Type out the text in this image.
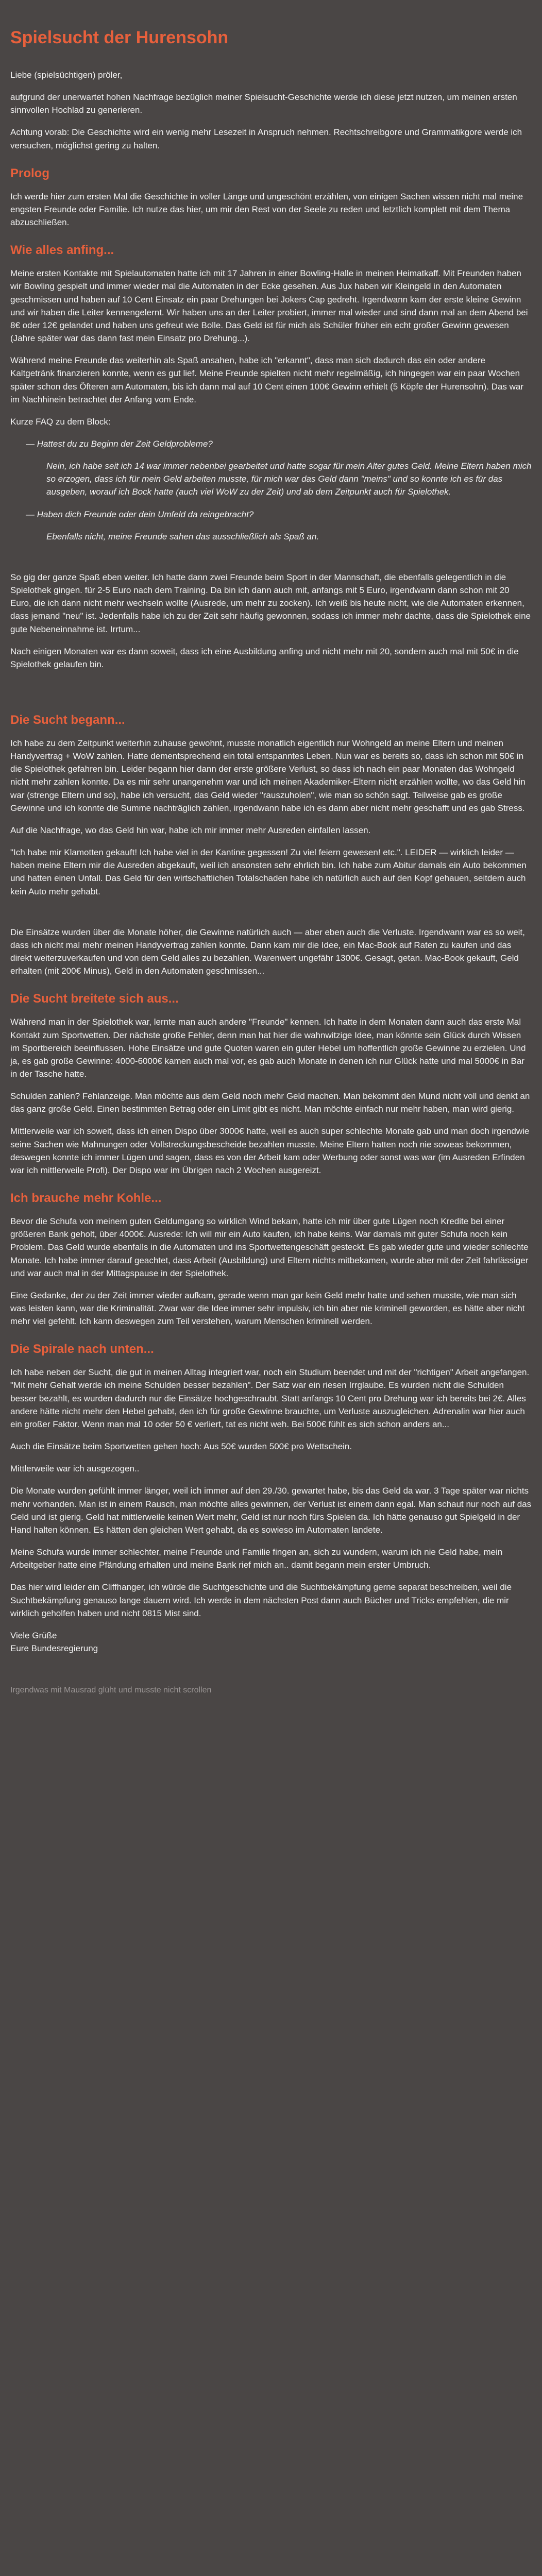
Spielsucht der Hurensohn

Liebe (spielsüchtigen) pröler,

aufgrund der unerwartet hohen Nachfrage bezüglich meiner Spielsucht-Geschichte werde ich diese jetzt nutzen, um meinen ersten sinnvollen Hochlad zu generieren.

Achtung vorab: Die Geschichte wird ein wenig mehr Lesezeit in Anspruch nehmen. Rechtschreibgore und Grammatikgore werde ich versuchen, möglichst gering zu halten.

Prolog

Ich werde hier zum ersten Mal die Geschichte in voller Länge und ungeschönt erzählen, von einigen Sachen wissen nicht mal meine engsten Freunde oder Familie. Ich nutze das hier, um mir den Rest von der Seele zu reden und letztlich komplett mit dem Thema abzuschließen.

Wie alles anfing...

Meine ersten Kontakte mit Spielautomaten hatte ich mit 17 Jahren in einer Bowling-Halle in meinen Heimatkaff. Mit Freunden haben wir Bowling gespielt und immer wieder mal die Automaten in der Ecke gesehen. Aus Jux haben wir Kleingeld in den Automaten geschmissen und haben auf 10 Cent Einsatz ein paar Drehungen bei Jokers Cap gedreht. Irgendwann kam der erste kleine Gewinn und wir haben die Leiter kennengelernt. Wir haben uns an der Leiter probiert, immer mal wieder und sind dann mal an dem Abend bei 8€ oder 12€ gelandet und haben uns gefreut wie Bolle. Das Geld ist für mich als Schüler früher ein echt großer Gewinn gewesen (Jahre später war das dann fast mein Einsatz pro Drehung...).

Während meine Freunde das weiterhin als Spaß ansahen, habe ich "erkannt", dass man sich dadurch das ein oder andere Kaltgetränk finanzieren konnte, wenn es gut lief. Meine Freunde spielten nicht mehr regelmäßig, ich hingegen war ein paar Wochen später schon des Öfteren am Automaten, bis ich dann mal auf 10 Cent einen 100€ Gewinn erhielt (5 Köpfe der Hurensohn). Das war im Nachhinein betrachtet der Anfang vom Ende.

Kurze FAQ zu dem Block:

— Hattest du zu Beginn der Zeit Geldprobleme?

Nein, ich habe seit ich 14 war immer nebenbei gearbeitet und hatte sogar für mein Alter gutes Geld. Meine Eltern haben mich so erzogen, dass ich für mein Geld arbeiten musste, für mich war das Geld dann "meins" und so konnte ich es für das ausgeben, worauf ich Bock hatte (auch viel WoW zu der Zeit) und ab dem Zeitpunkt auch für Spielothek.

— Haben dich Freunde oder dein Umfeld da reingebracht?

Ebenfalls nicht, meine Freunde sahen das ausschließlich als Spaß an.

So gig der ganze Spaß eben weiter. Ich hatte dann zwei Freunde beim Sport in der Mannschaft, die ebenfalls gelegentlich in die Spielothek gingen. für 2-5 Euro nach dem Training. Da bin ich dann auch mit, anfangs mit 5 Euro, irgendwann dann schon mit 20 Euro, die ich dann nicht mehr wechseln wollte (Ausrede, um mehr zu zocken). Ich weiß bis heute nicht, wie die Automaten erkennen, dass jemand "neu" ist. Jedenfalls habe ich zu der Zeit sehr häufig gewonnen, sodass ich immer mehr dachte, dass die Spielothek eine gute Nebeneinnahme ist. Irrtum...

Nach einigen Monaten war es dann soweit, dass ich eine Ausbildung anfing und nicht mehr mit 20, sondern auch mal mit 50€ in die Spielothek gelaufen bin.

Die Sucht begann...

Ich habe zu dem Zeitpunkt weiterhin zuhause gewohnt, musste monatlich eigentlich nur Wohngeld an meine Eltern und meinen Handyvertrag + WoW zahlen. Hatte dementsprechend ein total entspanntes Leben. Nun war es bereits so, dass ich schon mit 50€ in die Spielothek gefahren bin. Leider begann hier dann der erste größere Verlust, so dass ich nach ein paar Monaten das Wohngeld nicht mehr zahlen konnte. Da es mir sehr unangenehm war und ich meinen Akademiker-Eltern nicht erzählen wollte, wo das Geld hin war (strenge Eltern und so), habe ich versucht, das Geld wieder "rauszuholen", wie man so schön sagt. Teilweise gab es große Gewinne und ich konnte die Summe nachträglich zahlen, irgendwann habe ich es dann aber nicht mehr geschafft und es gab Stress.

Auf die Nachfrage, wo das Geld hin war, habe ich mir immer mehr Ausreden einfallen lassen.

"Ich habe mir Klamotten gekauft! Ich habe viel in der Kantine gegessen! Zu viel feiern gewesen! etc.". LEIDER — wirklich leider — haben meine Eltern mir die Ausreden abgekauft, weil ich ansonsten sehr ehrlich bin. Ich habe zum Abitur damals ein Auto bekommen und hatten einen Unfall. Das Geld für den wirtschaftlichen Totalschaden habe ich natürlich auch auf den Kopf gehauen, seitdem auch kein Auto mehr gehabt.

Die Einsätze wurden über die Monate höher, die Gewinne natürlich auch — aber eben auch die Verluste. Irgendwann war es so weit, dass ich nicht mal mehr meinen Handyvertrag zahlen konnte. Dann kam mir die Idee, ein Mac-Book auf Raten zu kaufen und das direkt weiterzuverkaufen und von dem Geld alles zu bezahlen. Warenwert ungefähr 1300€. Gesagt, getan. Mac-Book gekauft, Geld erhalten (mit 200€ Minus), Geld in den Automaten geschmissen...

Die Sucht breitete sich aus...

Während man in der Spielothek war, lernte man auch andere "Freunde" kennen. Ich hatte in dem Monaten dann auch das erste Mal Kontakt zum Sportwetten. Der nächste große Fehler, denn man hat hier die wahnwitzige Idee, man könnte sein Glück durch Wissen im Sportbereich beeinflussen. Hohe Einsätze und gute Quoten waren ein guter Hebel um hoffentlich große Gewinne zu erzielen. Und ja, es gab große Gewinne: 4000-6000€ kamen auch mal vor, es gab auch Monate in denen ich nur Glück hatte und mal 5000€ in Bar in der Tasche hatte.

Schulden zahlen? Fehlanzeige. Man möchte aus dem Geld noch mehr Geld machen. Man bekommt den Mund nicht voll und denkt an das ganz große Geld. Einen bestimmten Betrag oder ein Limit gibt es nicht. Man möchte einfach nur mehr haben, man wird gierig.

Mittlerweile war ich soweit, dass ich einen Dispo über 3000€ hatte, weil es auch super schlechte Monate gab und man doch irgendwie seine Sachen wie Mahnungen oder Vollstreckungsbescheide bezahlen musste. Meine Eltern hatten noch nie soweas bekommen, deswegen konnte ich immer Lügen und sagen, dass es von der Arbeit kam oder Werbung oder sonst was war (im Ausreden Erfinden war ich mittlerweile Profi). Der Dispo war im Übrigen nach 2 Wochen ausgereizt.

Ich brauche mehr Kohle...

Bevor die Schufa von meinem guten Geldumgang so wirklich Wind bekam, hatte ich mir über gute Lügen noch Kredite bei einer größeren Bank geholt, über 4000€. Ausrede: Ich will mir ein Auto kaufen, ich habe keins. War damals mit guter Schufa noch kein Problem. Das Geld wurde ebenfalls in die Automaten und ins Sportwettengeschäft gesteckt. Es gab wieder gute und wieder schlechte Monate. Ich habe immer darauf geachtet, dass Arbeit (Ausbildung) und Eltern nichts mitbekamen, wurde aber mit der Zeit fahrlässiger und war auch mal in der Mittagspause in der Spielothek.

Eine Gedanke, der zu der Zeit immer wieder aufkam, gerade wenn man gar kein Geld mehr hatte und sehen musste, wie man sich was leisten kann, war die Kriminalität. Zwar war die Idee immer sehr impulsiv, ich bin aber nie kriminell geworden, es hätte aber nicht mehr viel gefehlt. Ich kann deswegen zum Teil verstehen, warum Menschen kriminell werden.

Die Spirale nach unten...

Ich habe neben der Sucht, die gut in meinen Alltag integriert war, noch ein Studium beendet und mit der "richtigen" Arbeit angefangen.
"Mit mehr Gehalt werde ich meine Schulden besser bezahlen". Der Satz war ein riesen Irrglaube. Es wurden nicht die Schulden besser bezahlt, es wurden dadurch nur die Einsätze hochgeschraubt. Statt anfangs 10 Cent pro Drehung war ich bereits bei 2€. Alles andere hätte nicht mehr den Hebel gehabt, den ich für große Gewinne brauchte, um Verluste auszugleichen. Adrenalin war hier auch ein großer Faktor. Wenn man mal 10 oder 50 € verliert, tat es nicht weh. Bei 500€ fühlt es sich schon anders an...

Auch die Einsätze beim Sportwetten gehen hoch: Aus 50€ wurden 500€ pro Wettschein.

Mittlerweile war ich ausgezogen..

Die Monate wurden gefühlt immer länger, weil ich immer auf den 29./30. gewartet habe, bis das Geld da war. 3 Tage später war nichts mehr vorhanden. Man ist in einem Rausch, man möchte alles gewinnen, der Verlust ist einem dann egal. Man schaut nur noch auf das Geld und ist gierig. Geld hat mittlerweile keinen Wert mehr, Geld ist nur noch fürs Spielen da. Ich hätte genauso gut Spielgeld in der Hand halten können. Es hätten den gleichen Wert gehabt, da es sowieso im Automaten landete.

Meine Schufa wurde immer schlechter, meine Freunde und Familie fingen an, sich zu wundern, warum ich nie Geld habe, mein Arbeitgeber hatte eine Pfändung erhalten und meine Bank rief mich an.. damit begann mein erster Umbruch.

Das hier wird leider ein Cliffhanger, ich würde die Suchtgeschichte und die Suchtbekämpfung gerne separat beschreiben, weil die Suchtbekämpfung genauso lange dauern wird. Ich werde in dem nächsten Post dann auch Bücher und Tricks empfehlen, die mir wirklich geholfen haben und nicht 0815 Mist sind.

Viele Grüße

Eure Bundesregierung

Irgendwas mit Mausrad glüht und musste nicht scrollen
